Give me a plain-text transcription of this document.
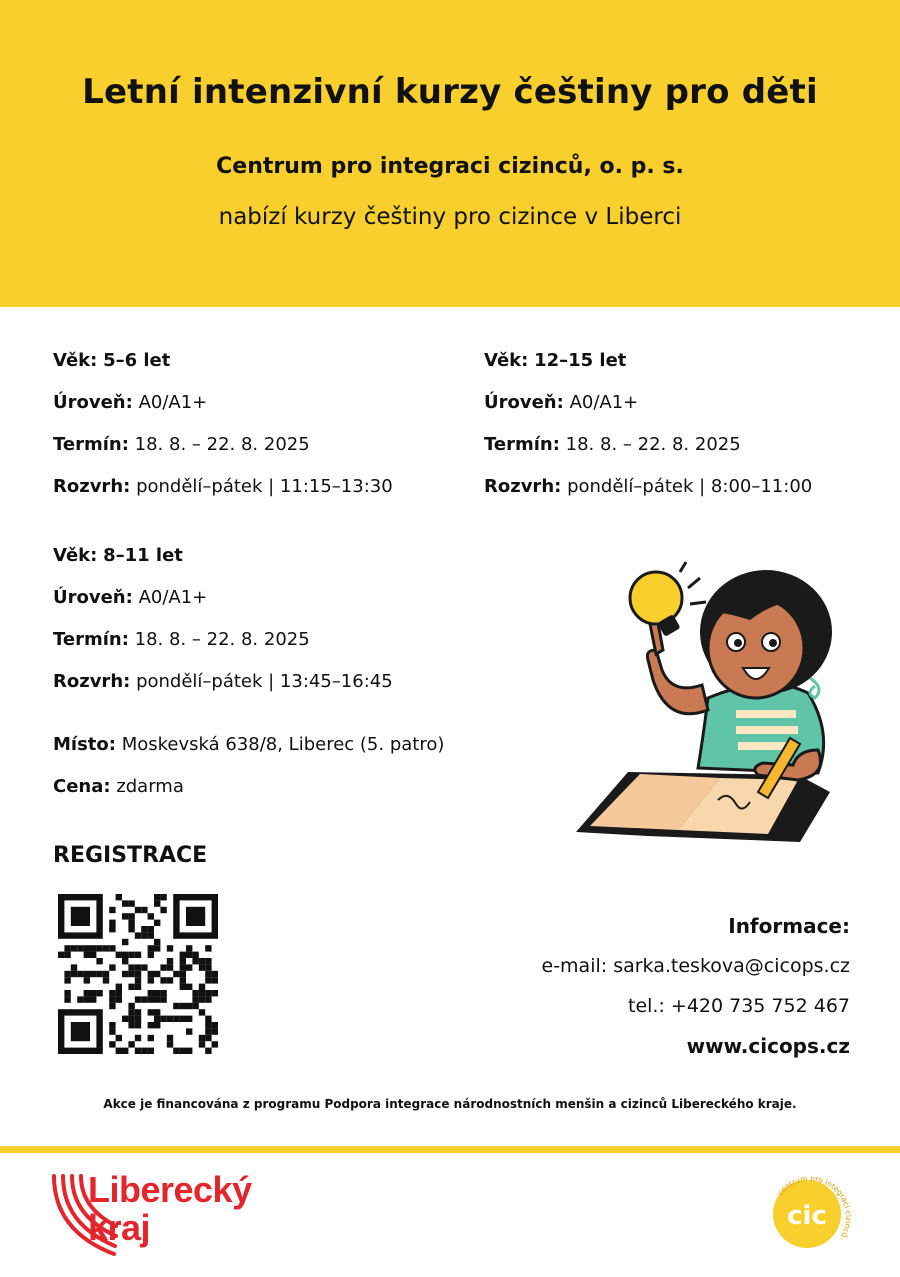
Letní intenzivní kurzy češtiny pro děti
Centrum pro integraci cizinců, o. p. s.
nabízí kurzy češtiny pro cizince v Liberci
Věk: 5–6 let
Úroveň: A0/A1+
Termín: 18. 8. – 22. 8. 2025
Rozvrh: pondělí–pátek | 11:15–13:30
Věk: 12–15 let
Úroveň: A0/A1+
Termín: 18. 8. – 22. 8. 2025
Rozvrh: pondělí–pátek | 8:00–11:00
Věk: 8–11 let
Úroveň: A0/A1+
Termín: 18. 8. – 22. 8. 2025
Rozvrh: pondělí–pátek | 13:45–16:45
Místo: Moskevská 638/8, Liberec (5. patro)
Cena: zdarma
REGISTRACE
Informace:
e-mail: sarka.teskova@cicops.cz
tel.: +420 735 752 467
www.cicops.cz
Akce je financována z programu Podpora integrace národnostních menšin a cizinců Libereckého kraje.
Liberecký
kraj	cic
centrum pro integraci cizinců
